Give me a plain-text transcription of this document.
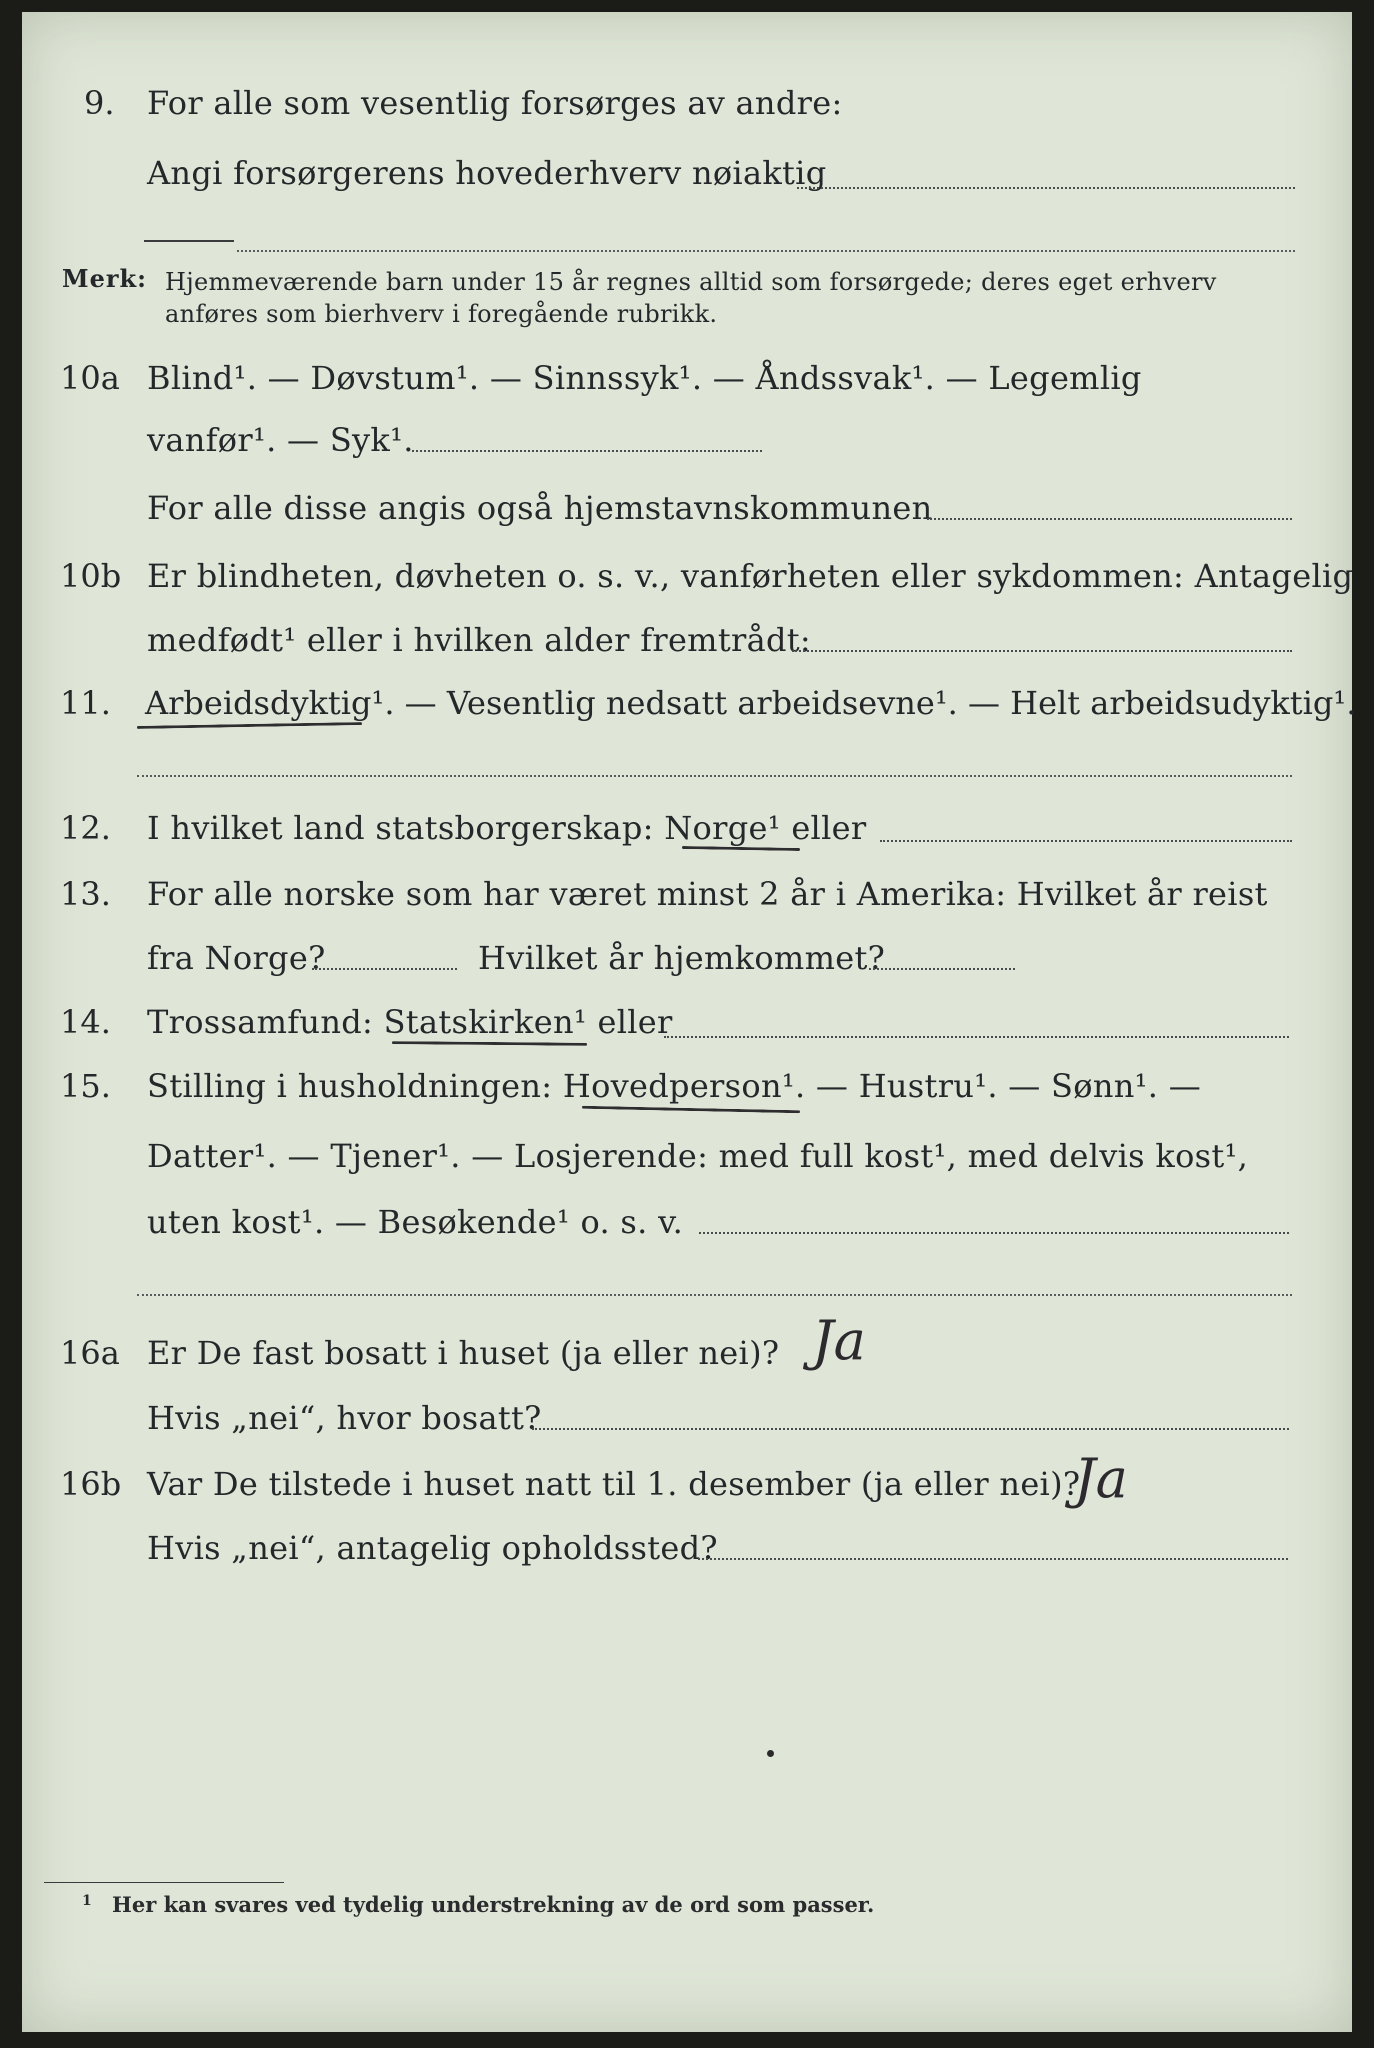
9. For alle som vesentlig forsørges av andre:
Angi forsørgerens hovederhverv nøiaktig
Merk: Hjemmeværende barn under 15 år regnes alltid som forsørgede; deres eget erhverv
anføres som bierhverv i foregående rubrikk.
10a Blind¹. — Døvstum¹. — Sinnssyk¹. — Åndssvak¹. — Legemlig
vanfør¹. — Syk¹.
For alle disse angis også hjemstavnskommunen
10b Er blindheten, døvheten o. s. v., vanførheten eller sykdommen: Antagelig
medfødt¹ eller i hvilken alder fremtrådt:
11. Arbeidsdyktig¹. — Vesentlig nedsatt arbeidsevne¹. — Helt arbeidsudyktig¹.
12. I hvilket land statsborgerskap: Norge¹ eller
13. For alle norske som har været minst 2 år i Amerika: Hvilket år reist
fra Norge?	Hvilket år hjemkommet?
14. Trossamfund: Statskirken¹ eller
15. Stilling i husholdningen: Hovedperson¹. — Hustru¹. — Sønn¹. —
Datter¹. — Tjener¹. — Losjerende: med full kost¹, med delvis kost¹,
uten kost¹. — Besøkende¹ o. s. v.
16a Er De fast bosatt i huset (ja eller nei)? Ja
Hvis „nei“, hvor bosatt?
16b Var De tilstede i huset natt til 1. desember (ja eller nei)?
Ja
Hvis „nei“, antagelig opholdssted?
1 Her kan svares ved tydelig understrekning av de ord som passer.
